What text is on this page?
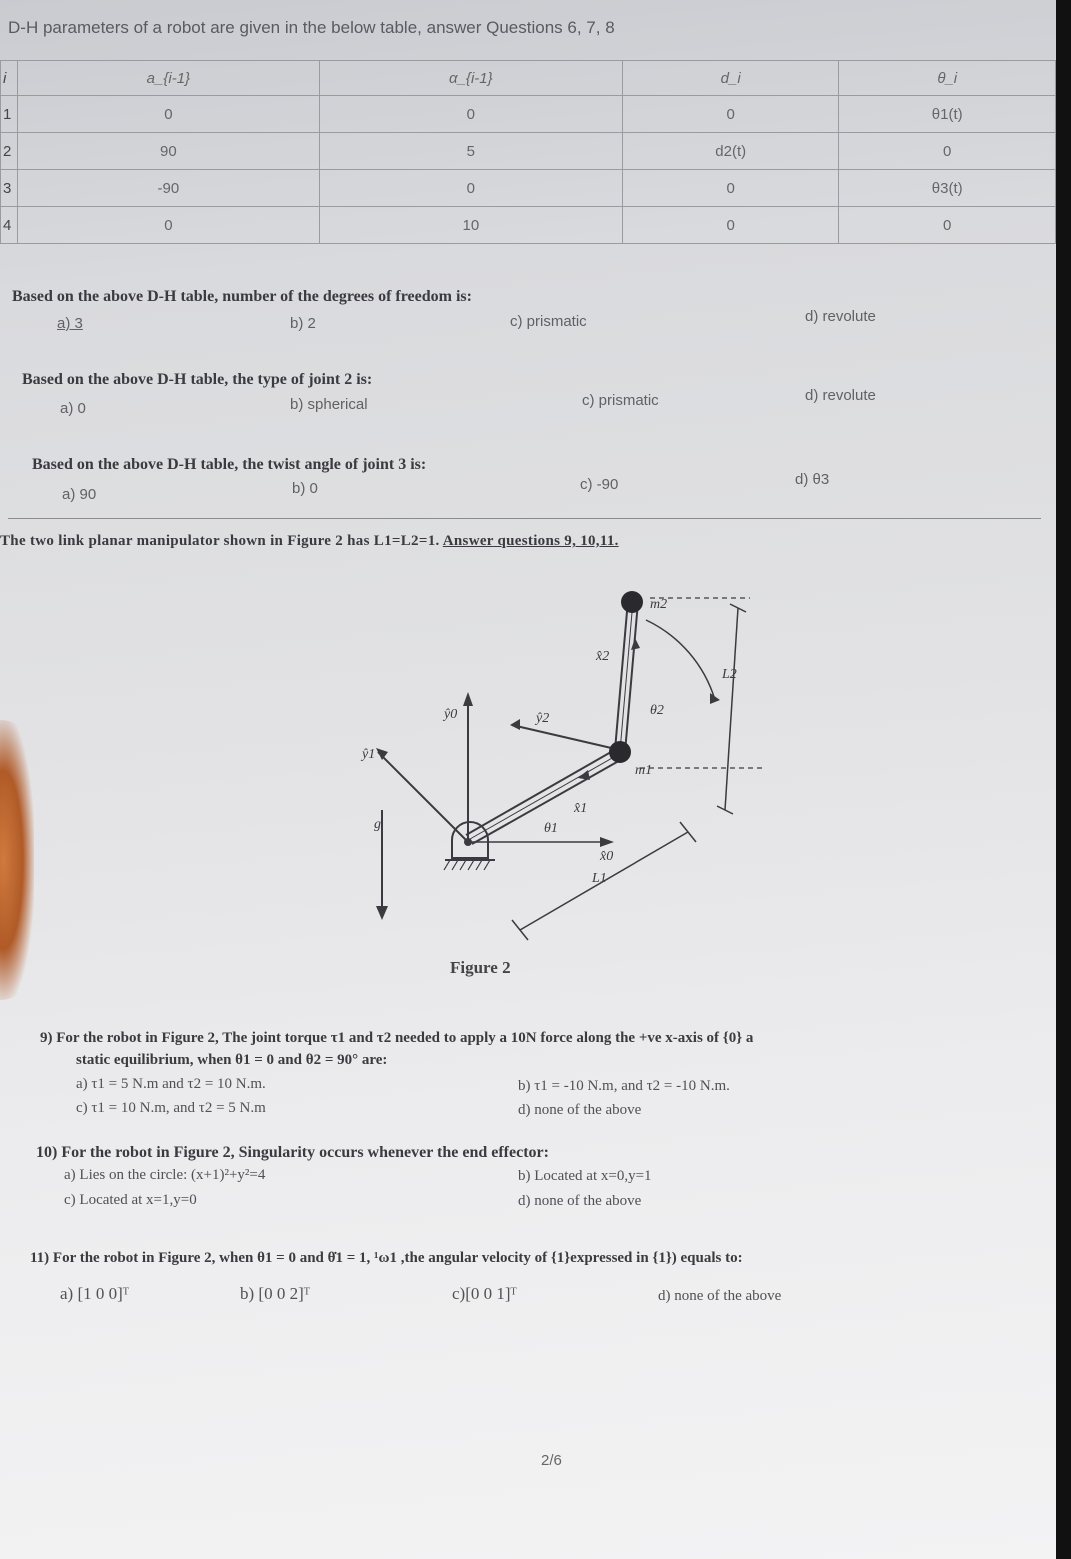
D-H parameters of a robot are given in the below table, answer Questions 6, 7, 8
i	a_{i-1}	α_{i-1}	d_i	θ_i
1	0	0	0	θ1(t)
2	90	5	d2(t)	0
3	-90	0	0	θ3(t)
4	0	10	0	0
Based on the above D-H table, number of the degrees of freedom is:
a) 3	b) 2	c) prismatic	d) revolute
Based on the above D-H table, the type of joint 2 is:
a) 0	b) spherical	c) prismatic	d) revolute
Based on the above D-H table, the twist angle of joint 3 is:
a) 90	b) 0	c) -90	d) θ3
The two link planar manipulator shown in Figure 2 has L1=L2=1. Answer questions 9, 10,11.
m2
m1
x̂2
ŷ2
θ2
L2
ŷ0
ŷ1
x̂1
θ1
x̂0
L1
g
Figure 2
9) For the robot in Figure 2, The joint torque τ1 and τ2 needed to apply a 10N force along the +ve x-axis of {0} a
static equilibrium, when θ1 = 0 and θ2 = 90° are:
a) τ1 = 5 N.m and τ2 = 10 N.m.	b) τ1 = -10 N.m, and τ2 = -10 N.m.
c) τ1 = 10 N.m, and τ2 = 5 N.m	d) none of the above
10) For the robot in Figure 2, Singularity occurs whenever the end effector:
a) Lies on the circle: (x+1)²+y²=4	b) Located at x=0,y=1
c) Located at x=1,y=0	d) none of the above
11) For the robot in Figure 2, when θ1 = 0 and θ̇1 = 1, ¹ω1 ,the angular velocity of {1}expressed in {1}) equals to:
a) [1 0 0]ᵀ	b) [0 0 2]ᵀ	c)[0 0 1]ᵀ	d) none of the above
2/6
